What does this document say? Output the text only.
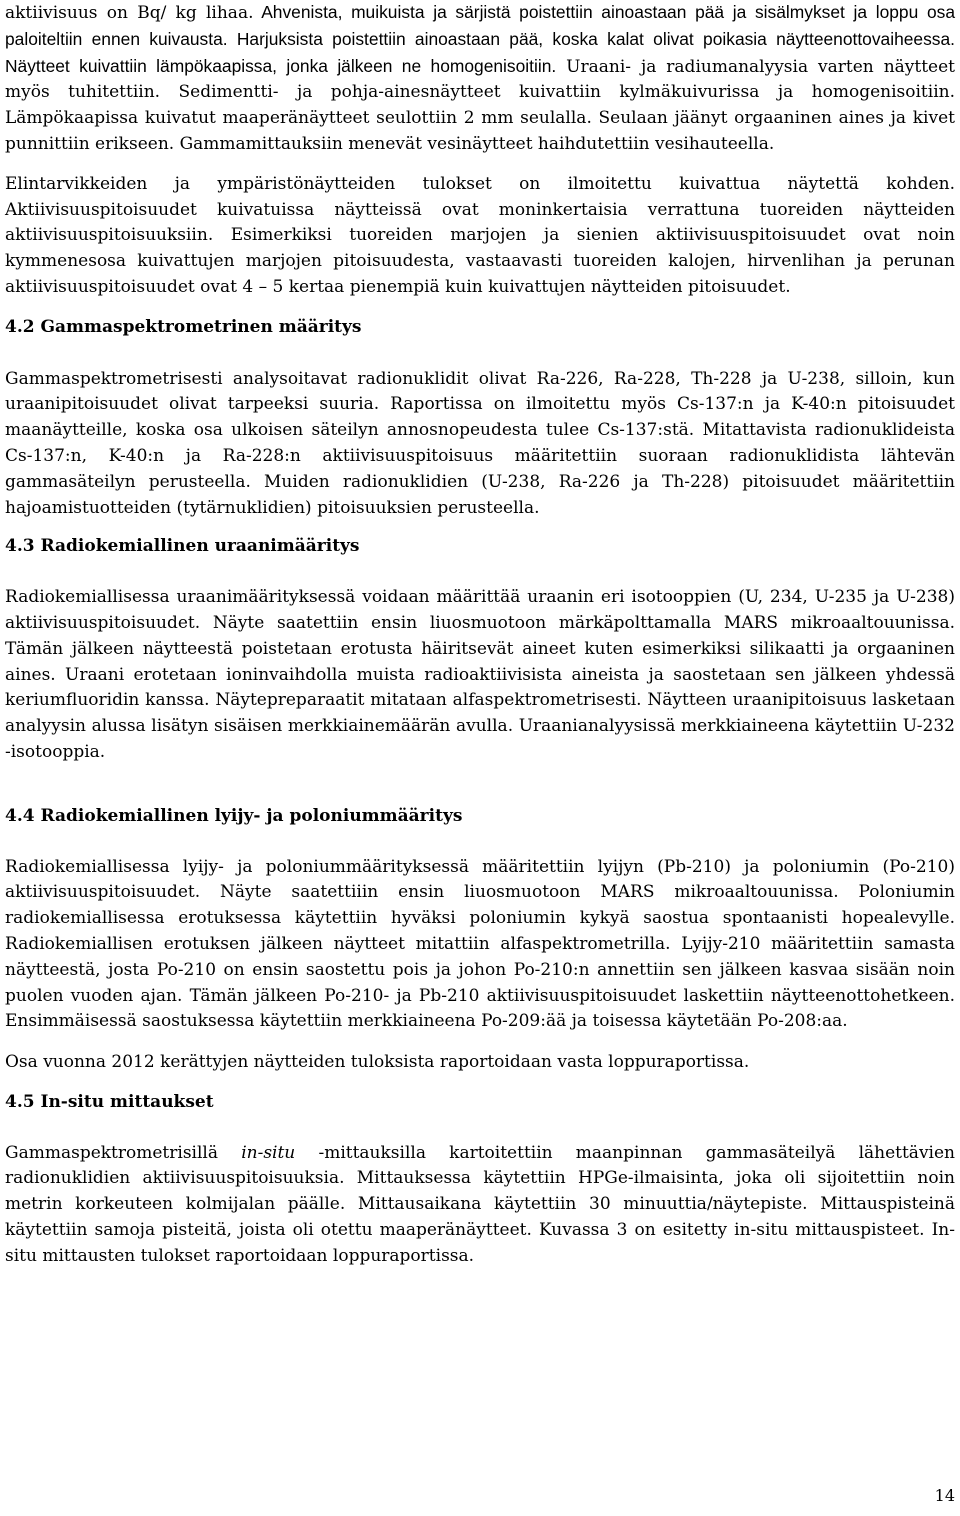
aktiivisuus on Bq/ kg lihaa. Ahvenista, muikuista ja särjistä poistettiin ainoastaan pää ja sisälmykset ja loppu osa paloiteltiin ennen kuivausta. Harjuksista poistettiin ainoastaan pää, koska kalat olivat poikasia näytteenottovaiheessa. Näytteet kuivattiin lämpökaapissa, jonka jälkeen ne homogenisoitiin. Uraani- ja radiumanalyysia varten näytteet myös tuhitettiin. Sedimentti- ja pohja-ainesnäytteet kuivattiin kylmäkuivurissa ja homogenisoitiin. Lämpökaapissa kuivatut maaperänäytteet seulottiin 2 mm seulalla. Seulaan jäänyt orgaaninen aines ja kivet punnittiin erikseen. Gammamittauksiin menevät vesinäytteet haihdutettiin vesihauteella.

Elintarvikkeiden ja ympäristönäytteiden tulokset on ilmoitettu kuivattua näytettä kohden. Aktiivisuuspitoisuudet kuivatuissa näytteissä ovat moninkertaisia verrattuna tuoreiden näytteiden aktiivisuuspitoisuuksiin. Esimerkiksi tuoreiden marjojen ja sienien aktiivisuuspitoisuudet ovat noin kymmenesosa kuivattujen marjojen pitoisuudesta, vastaavasti tuoreiden kalojen, hirvenlihan ja perunan aktiivisuuspitoisuudet ovat 4 – 5 kertaa pienempiä kuin kuivattujen näytteiden pitoisuudet.

4.2 Gammaspektrometrinen määritys

Gammaspektrometrisesti analysoitavat radionuklidit olivat Ra-226, Ra-228, Th-228 ja U-238, silloin, kun uraanipitoisuudet olivat tarpeeksi suuria. Raportissa on ilmoitettu myös Cs-137:n ja K-40:n pitoisuudet maanäytteille, koska osa ulkoisen säteilyn annosnopeudesta tulee Cs-137:stä. Mitattavista radionuklideista Cs-137:n, K-40:n ja Ra-228:n aktiivisuuspitoisuus määritettiin suoraan radionuklidista lähtevän gammasäteilyn perusteella. Muiden radionuklidien (U-238, Ra-226 ja Th-228) pitoisuudet määritettiin hajoamistuotteiden (tytärnuklidien) pitoisuuksien perusteella.

4.3 Radiokemiallinen uraanimääritys

Radiokemiallisessa uraanimäärityksessä voidaan määrittää uraanin eri isotooppien (U, 234, U-235 ja U-238) aktiivisuuspitoisuudet. Näyte saatettiin ensin liuosmuotoon märkäpolttamalla MARS mikroaaltouunissa. Tämän jälkeen näytteestä poistetaan erotusta häiritsevät aineet kuten esimerkiksi silikaatti ja orgaaninen aines. Uraani erotetaan ioninvaihdolla muista radioaktiivisista aineista ja saostetaan sen jälkeen yhdessä keriumfluoridin kanssa. Näytepreparaatit mitataan alfaspektrometrisesti. Näytteen uraanipitoisuus lasketaan analyysin alussa lisätyn sisäisen merkkiainemäärän avulla. Uraanianalyysissä merkkiaineena käytettiin U-232 -isotooppia.

4.4 Radiokemiallinen lyijy- ja poloniummääritys

Radiokemiallisessa lyijy- ja poloniummäärityksessä määritettiin lyijyn (Pb-210) ja poloniumin (Po-210) aktiivisuuspitoisuudet. Näyte saatettiiin ensin liuosmuotoon MARS mikroaaltouunissa. Poloniumin radiokemiallisessa erotuksessa käytettiin hyväksi poloniumin kykyä saostua spontaanisti hopealevylle. Radiokemiallisen erotuksen jälkeen näytteet mitattiin alfaspektrometrilla. Lyijy-210 määritettiin samasta näytteestä, josta Po-210 on ensin saostettu pois ja johon Po-210:n annettiin sen jälkeen kasvaa sisään noin puolen vuoden ajan. Tämän jälkeen Po-210- ja Pb-210 aktiivisuuspitoisuudet laskettiin näytteenottohetkeen. Ensimmäisessä saostuksessa käytettiin merkkiaineena Po-209:ää ja toisessa käytetään Po-208:aa.

Osa vuonna 2012 kerättyjen näytteiden tuloksista raportoidaan vasta loppuraportissa.

4.5 In-situ mittaukset

Gammaspektrometrisillä in-situ -mittauksilla kartoitettiin maanpinnan gammasäteilyä lähettävien radionuklidien aktiivisuuspitoisuuksia. Mittauksessa käytettiin HPGe-ilmaisinta, joka oli sijoitettiin noin metrin korkeuteen kolmijalan päälle. Mittausaikana käytettiin 30 minuuttia/näytepiste. Mittauspisteinä käytettiin samoja pisteitä, joista oli otettu maaperänäytteet. Kuvassa 3 on esitetty in-situ mittauspisteet. In-situ mittausten tulokset raportoidaan loppuraportissa.

14
